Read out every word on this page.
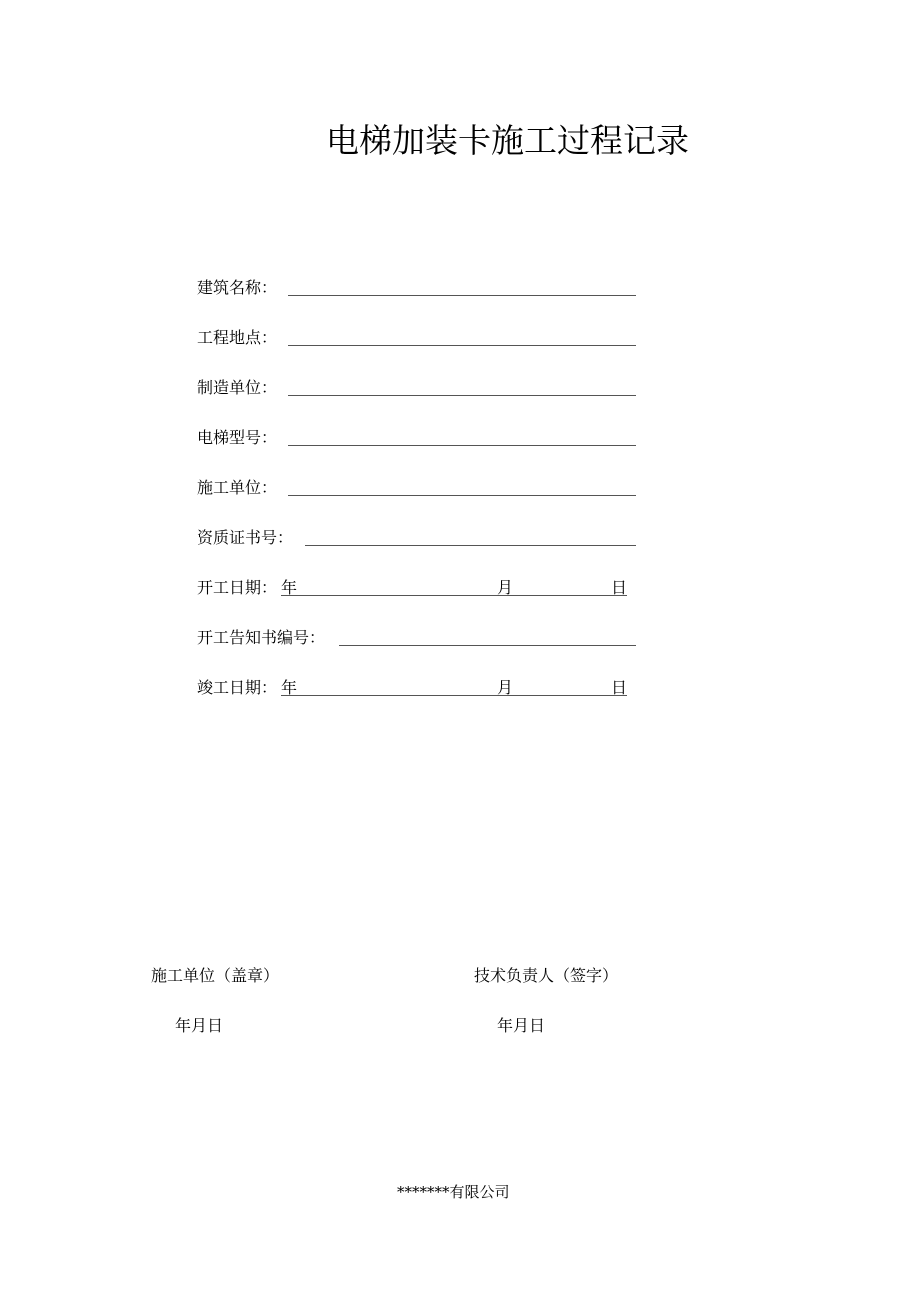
电梯加装卡施工过程记录
建筑名称：
工程地点：
制造单位：
电梯型号：
施工单位：
资质证书号：
开工日期： 年	月	日
开工告知书编号：
竣工日期： 年	月	日
施工单位（盖章）	技术负责人（签字）
年月日	年月日
*******有限公司
